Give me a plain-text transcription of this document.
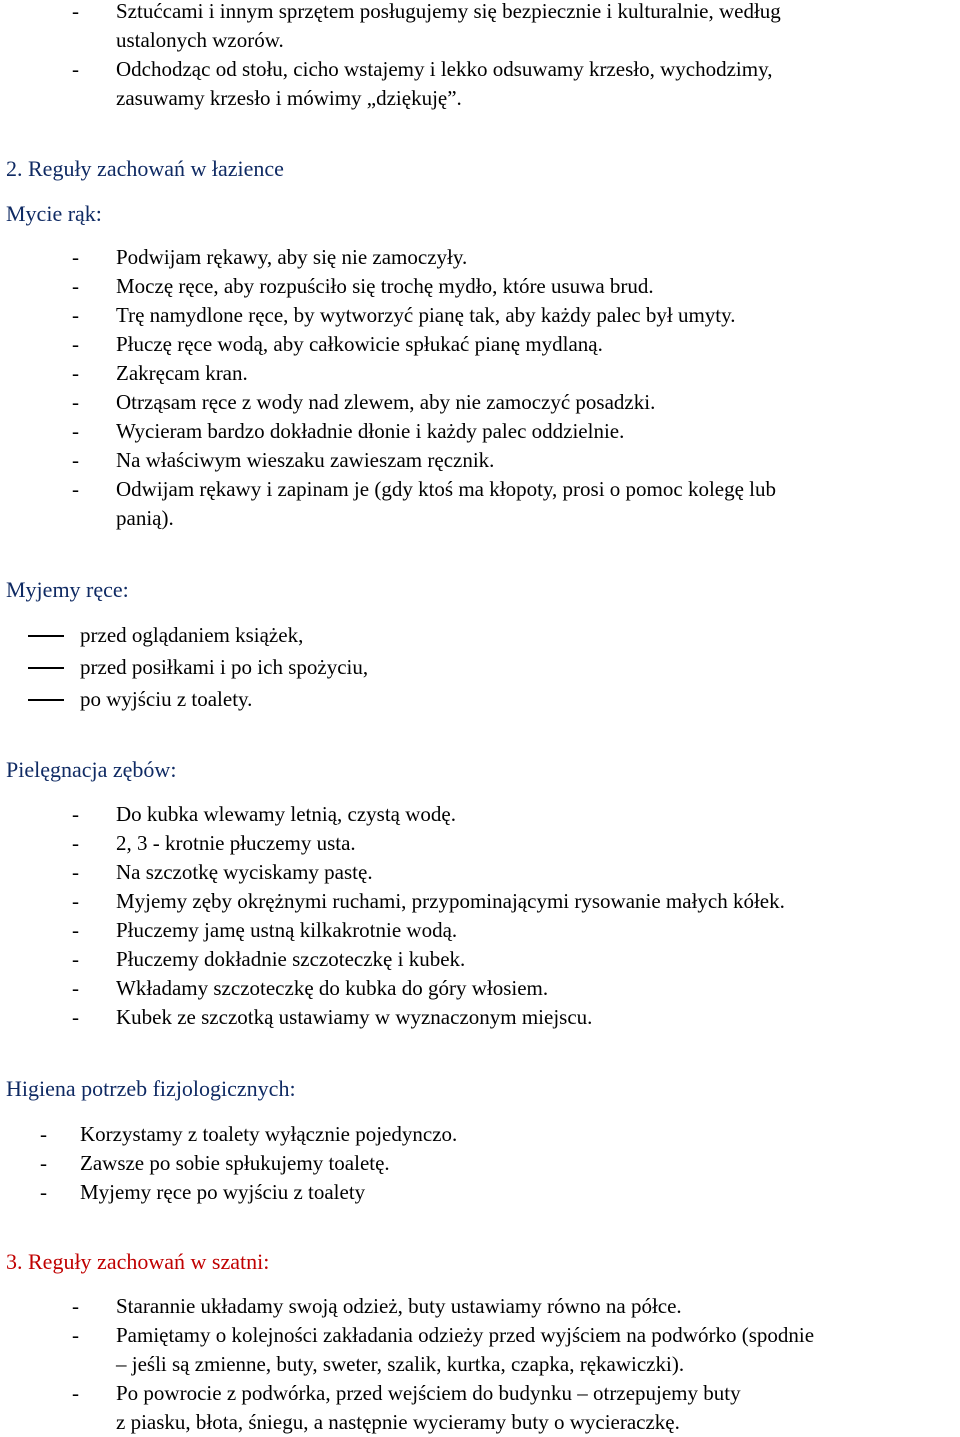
- Sztućcami i innym sprzętem posługujemy się bezpiecznie i kulturalnie, według
ustalonych wzorów.
- Odchodząc od stołu, cicho wstajemy i lekko odsuwamy krzesło, wychodzimy,
zasuwamy krzesło i mówimy „dziękuję”.
2. Reguły zachowań w łazience
Mycie rąk:
- Podwijam rękawy, aby się nie zamoczyły.
- Moczę ręce, aby rozpuściło się trochę mydło, które usuwa brud.
- Trę namydlone ręce, by wytworzyć pianę tak, aby każdy palec był umyty.
- Płuczę ręce wodą, aby całkowicie spłukać pianę mydlaną.
- Zakręcam kran.
- Otrząsam ręce z wody nad zlewem, aby nie zamoczyć posadzki.
- Wycieram bardzo dokładnie dłonie i każdy palec oddzielnie.
- Na właściwym wieszaku zawieszam ręcznik.
- Odwijam rękawy i zapinam je (gdy ktoś ma kłopoty, prosi o pomoc kolegę lub
panią).
Myjemy ręce:
przed oglądaniem książek,
przed posiłkami i po ich spożyciu,
po wyjściu z toalety.
Pielęgnacja zębów:
- Do kubka wlewamy letnią, czystą wodę.
- 2, 3 - krotnie płuczemy usta.
- Na szczotkę wyciskamy pastę.
- Myjemy zęby okrężnymi ruchami, przypominającymi rysowanie małych kółek.
- Płuczemy jamę ustną kilkakrotnie wodą.
- Płuczemy dokładnie szczoteczkę i kubek.
- Wkładamy szczoteczkę do kubka do góry włosiem.
- Kubek ze szczotką ustawiamy w wyznaczonym miejscu.
Higiena potrzeb fizjologicznych:
- Korzystamy z toalety wyłącznie pojedynczo.
- Zawsze po sobie spłukujemy toaletę.
- Myjemy ręce po wyjściu z toalety
3. Reguły zachowań w szatni:
- Starannie układamy swoją odzież, buty ustawiamy równo na półce.
- Pamiętamy o kolejności zakładania odzieży przed wyjściem na podwórko (spodnie
– jeśli są zmienne, buty, sweter, szalik, kurtka, czapka, rękawiczki).
- Po powrocie z podwórka, przed wejściem do budynku – otrzepujemy buty
z piasku, błota, śniegu, a następnie wycieramy buty o wycieraczkę.
